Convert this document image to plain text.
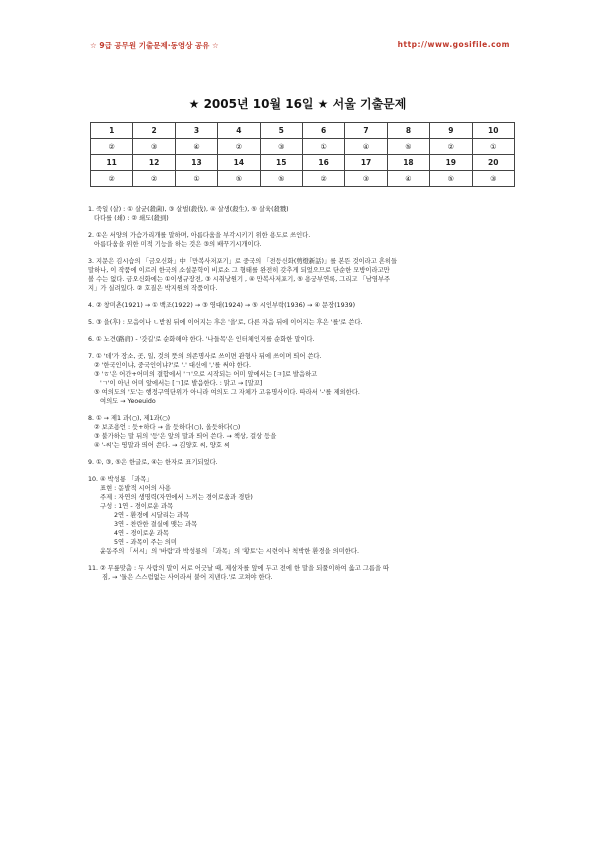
☆ 9급 공무원 기출문제·동영상 공유 ☆	http://www.gosifile.com
★ 2005년 10월 16일 ★ 서울 기출문제
1	2	3	4	5	6	7	8	9	10
②	③	④	②	③	①	④	⑤	②	①
11	12	13	14	15	16	17	18	19	20
②	②	①	⑤	⑤	②	③	④	⑤	③
1. 죽일 (살) : ① 살균(殺菌), ③ 살벌(殺伐), ④ 살생(殺生), ⑤ 살육(殺戮)
다다를 (쇄) : ② 쇄도(殺到)
2. ①은 서양의 가슴가리개를 말하며, 아름다움을 부각시키기 위한 용도로 쓰인다.
아름다움을 위한 미적 기능을 하는 것은 ③의 배꾸기시개이다.
3. 지문은 김시습의 「금오신화」中「만복사저포기」로 중국의 「전등신화(剪燈新話)」를 본뜬 것이라고 흔히들
말하나, 이 작품에 이르러 한국의 소설문학이 비로소 그 형태를 완전히 갖추게 되었으므로 단순한 모방이라고만
볼 수는 없다. 금오신화에는 ①이생규장전, ③ 시취낭원기 , ④ 만복사저포기, ⑤ 용궁부연록, 그리고 「남염부주
지」가 실려있다. ② 호질은 박지원의 작품이다.
4. ② 창미촌(1921) → ① 백조(1922) → ③ 영대(1924) → ⑤ 시인부락(1936) → ④ 문장(1939)
5. ③ 을(후) : 모음이나 ㄴ받침 뒤에 이어지는 후은 '을'로, 다른 자음 뒤에 이어지는 후은 '를'로 쓴다.
6. ① 노견(路肩) - '갓길'로 순화해야 한다. '나들목'은 인터체인지를 순화한 말이다.
7. ① '데'가 장소, 곳, 일, 것의 뜻의 의존명사로 쓰이면 관형사 뒤에 쓰이며 띄어 쓴다.
② '한국인이냐, 중국인이냐?'로 '.' 대신에 ','를 써야 한다.
③ 'ㅎ'은 어간+어미의 결합에서 'ㄱ'으로 시작되는 어미 앞에서는 [ㅋ]로 발음하고
'ㄱ'이 아닌 어미 앞에서는 [ㄱ]로 발음한다. : 맑고 → [말꼬]
⑤ 여의도의 '도'는 행정구역단위가 아니라 여의도 그 자체가 고유명사이다. 따라서 '-'를 제외한다.
여의도 → Yeoeuido
8. ① → 제1 과(○), 제1과(○)
② 보조용언 : 듯+하다 → 을 듯하다(○), 올듯하다(○)
③ 불가하는 말 뒤의 '등'은 앞의 말과 띄어 쓴다. → 책상, 걸상 등을
④ '-씨'는 띵말과 띄어 쓴다. → 김양호 씨, 양호 씨
9. ①, ③, ⑤은 한글로, ④는 한자로 표기되었다.
10. ④ 박성룡 「과목」
표현 : 돋발적 시어의 사용
주제 : 자연의 생명력(자연에서 느끼는 경이로움과 경탄)
구성 : 1연 - 경이로운 과목
2연 - 환경에 시달리는 과목
3연 - 찬란한 결실에 맺는 과목
4연 - 경이로운 과목
5연 - 과목이 주는 의미
윤동주의 「서시」의 '바람'과 박성룡의 「과목」의 '황토'는 시련이나 척박한 환경을 의미한다.
11. ② 무릎맞춤 : 두 사람의 말이 서로 어긋날 때, 제삼자를 앞에 두고 전에 한 말을 되풀이하여 옳고 그름을 따
짐, → '둘은 스스럼없는 사이라서 붙어 지낸다.'로 고쳐야 한다.
